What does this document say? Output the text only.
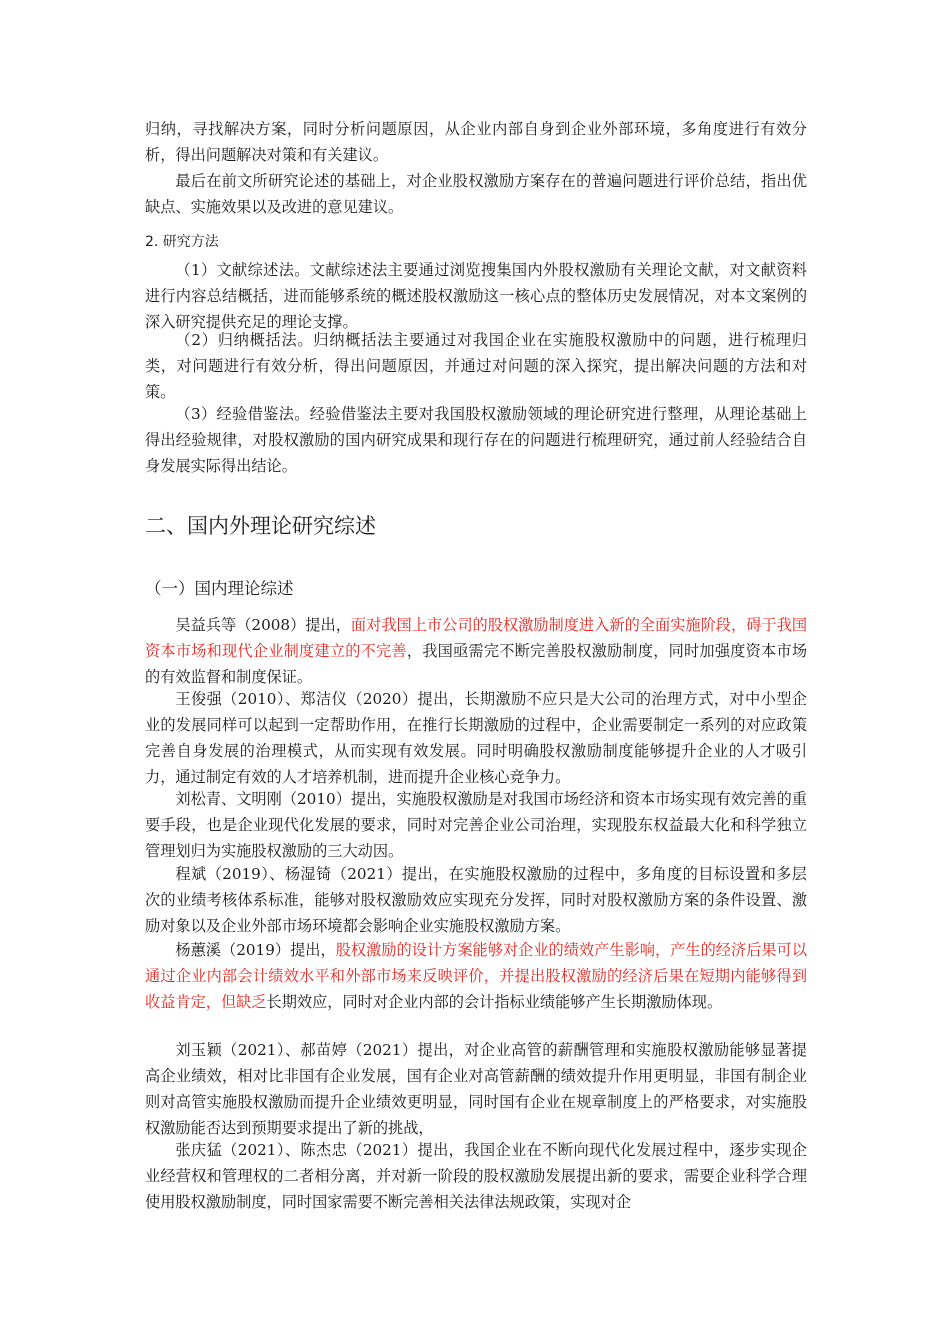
归纳，寻找解决方案，同时分析问题原因，从企业内部自身到企业外部环境，多角度进行有效分析，得出问题解决对策和有关建议。

最后在前文所研究论述的基础上，对企业股权激励方案存在的普遍问题进行评价总结，指出优缺点、实施效果以及改进的意见建议。

2. 研究方法

（1）文献综述法。文献综述法主要通过浏览搜集国内外股权激励有关理论文献，对文献资料进行内容总结概括，进而能够系统的概述股权激励这一核心点的整体历史发展情况，对本文案例的深入研究提供充足的理论支撑。

（2）归纳概括法。归纳概括法主要通过对我国企业在实施股权激励中的问题，进行梳理归类，对问题进行有效分析，得出问题原因，并通过对问题的深入探究，提出解决问题的方法和对策。

（3）经验借鉴法。经验借鉴法主要对我国股权激励领域的理论研究进行整理，从理论基础上得出经验规律，对股权激励的国内研究成果和现行存在的问题进行梳理研究，通过前人经验结合自身发展实际得出结论。

二、国内外理论研究综述
（一）国内理论综述

吴益兵等（2008）提出，面对我国上市公司的股权激励制度进入新的全面实施阶段，碍于我国资本市场和现代企业制度建立的不完善，我国亟需完不断完善股权激励制度，同时加强度资本市场的有效监督和制度保证。

王俊强（2010）、郑洁仪（2020）提出，长期激励不应只是大公司的治理方式，对中小型企业的发展同样可以起到一定帮助作用，在推行长期激励的过程中，企业需要制定一系列的对应政策完善自身发展的治理模式，从而实现有效发展。同时明确股权激励制度能够提升企业的人才吸引力，通过制定有效的人才培养机制，进而提升企业核心竞争力。

刘松青、文明刚（2010）提出，实施股权激励是对我国市场经济和资本市场实现有效完善的重要手段，也是企业现代化发展的要求，同时对完善企业公司治理，实现股东权益最大化和科学独立管理划归为实施股权激励的三大动因。

程斌（2019）、杨湿锜（2021）提出，在实施股权激励的过程中，多角度的目标设置和多层次的业绩考核体系标准，能够对股权激励效应实现充分发挥，同时对股权激励方案的条件设置、激励对象以及企业外部市场环境都会影响企业实施股权激励方案。

杨蕙溪（2019）提出，股权激励的设计方案能够对企业的绩效产生影响，产生的经济后果可以通过企业内部会计绩效水平和外部市场来反映评价，并提出股权激励的经济后果在短期内能够得到收益肯定，但缺乏长期效应，同时对企业内部的会计指标业绩能够产生长期激励体现。

刘玉颖（2021）、郝苗婷（2021）提出，对企业高管的薪酬管理和实施股权激励能够显著提高企业绩效，相对比非国有企业发展，国有企业对高管薪酬的绩效提升作用更明显，非国有制企业则对高管实施股权激励而提升企业绩效更明显，同时国有企业在规章制度上的严格要求，对实施股权激励能否达到预期要求提出了新的挑战，

张庆猛（2021）、陈杰忠（2021）提出，我国企业在不断向现代化发展过程中，逐步实现企业经营权和管理权的二者相分离，并对新一阶段的股权激励发展提出新的要求，需要企业科学合理使用股权激励制度，同时国家需要不断完善相关法律法规政策，实现对企
